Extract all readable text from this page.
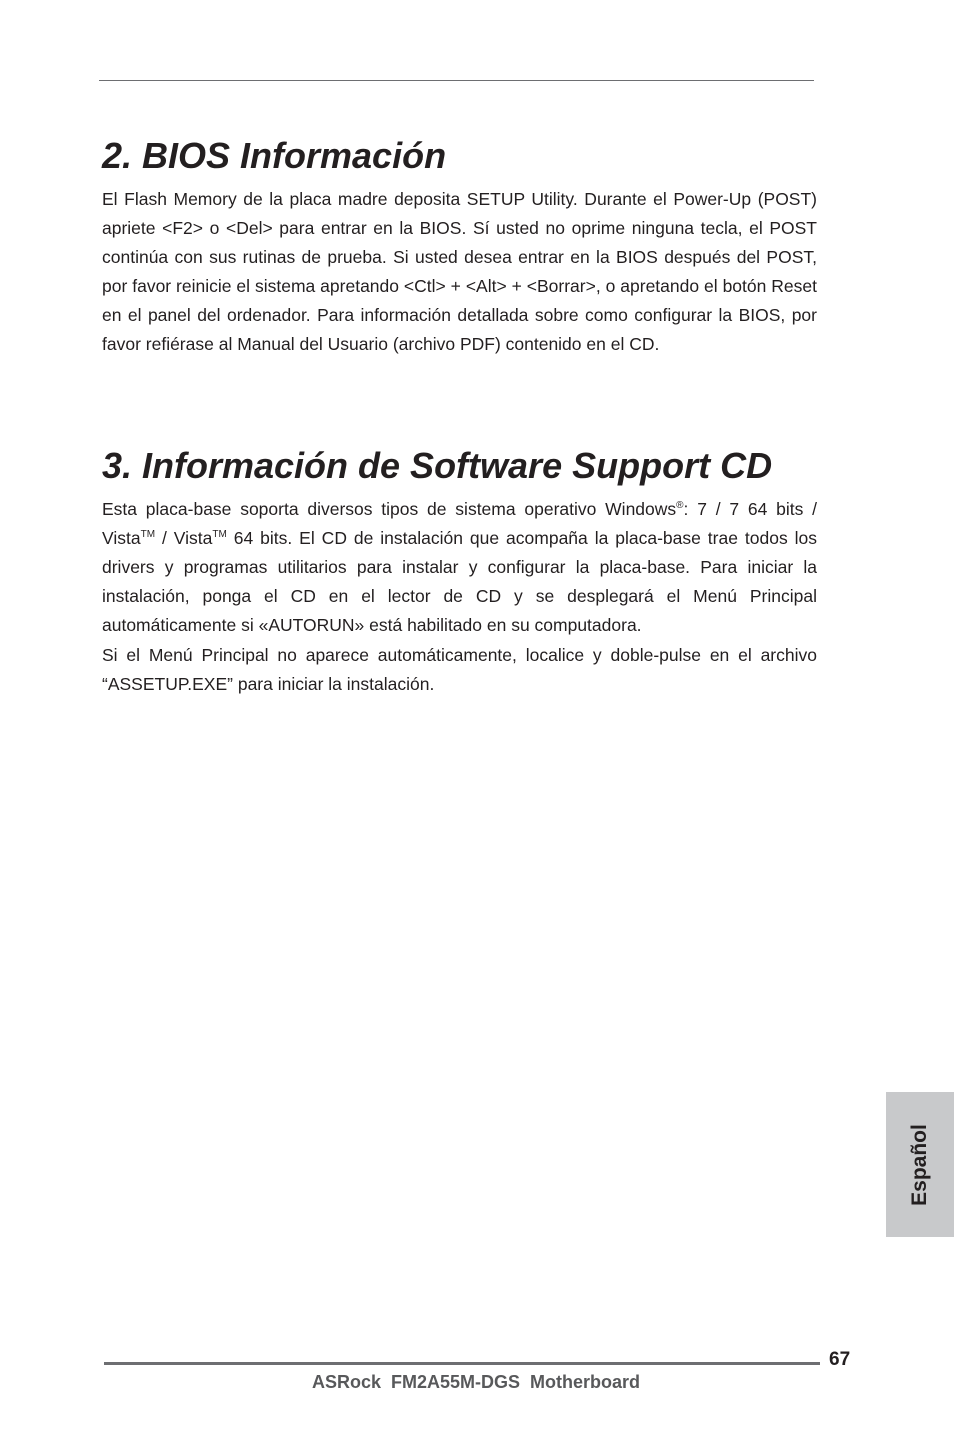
2. BIOS Información

El Flash Memory de la placa madre deposita SETUP Utility. Durante el Power-Up (POST) apriete <F2> o <Del> para entrar en la BIOS. Sí usted no oprime ninguna tecla, el POST continúa con sus rutinas de prueba. Si usted desea entrar en la BIOS después del POST, por favor reinicie el sistema apretando <Ctl> + <Alt> + <Borrar>, o apretando el botón Reset en el panel del ordenador. Para información detallada sobre como configurar la BIOS, por favor refiérase al Manual del Usuario (archivo PDF) contenido en el CD.

3. Información de Software Support CD

Esta placa-base soporta diversos tipos de sistema operativo Windows®: 7 / 7 64 bits / Vista™ / Vista™ 64 bits. El CD de instalación que acompaña la placa-base trae todos los drivers y programas utilitarios para instalar y configurar la placa-base. Para iniciar la instalación, ponga el CD en el lector de CD y se desplegará el Menú Principal automáticamente si «AUTORUN» está habilitado en su computadora.

Si el Menú Principal no aparece automáticamente, localice y doble-pulse en el archivo “ASSETUP.EXE” para iniciar la instalación.

Español
67
ASRock  FM2A55M-DGS  Motherboard
